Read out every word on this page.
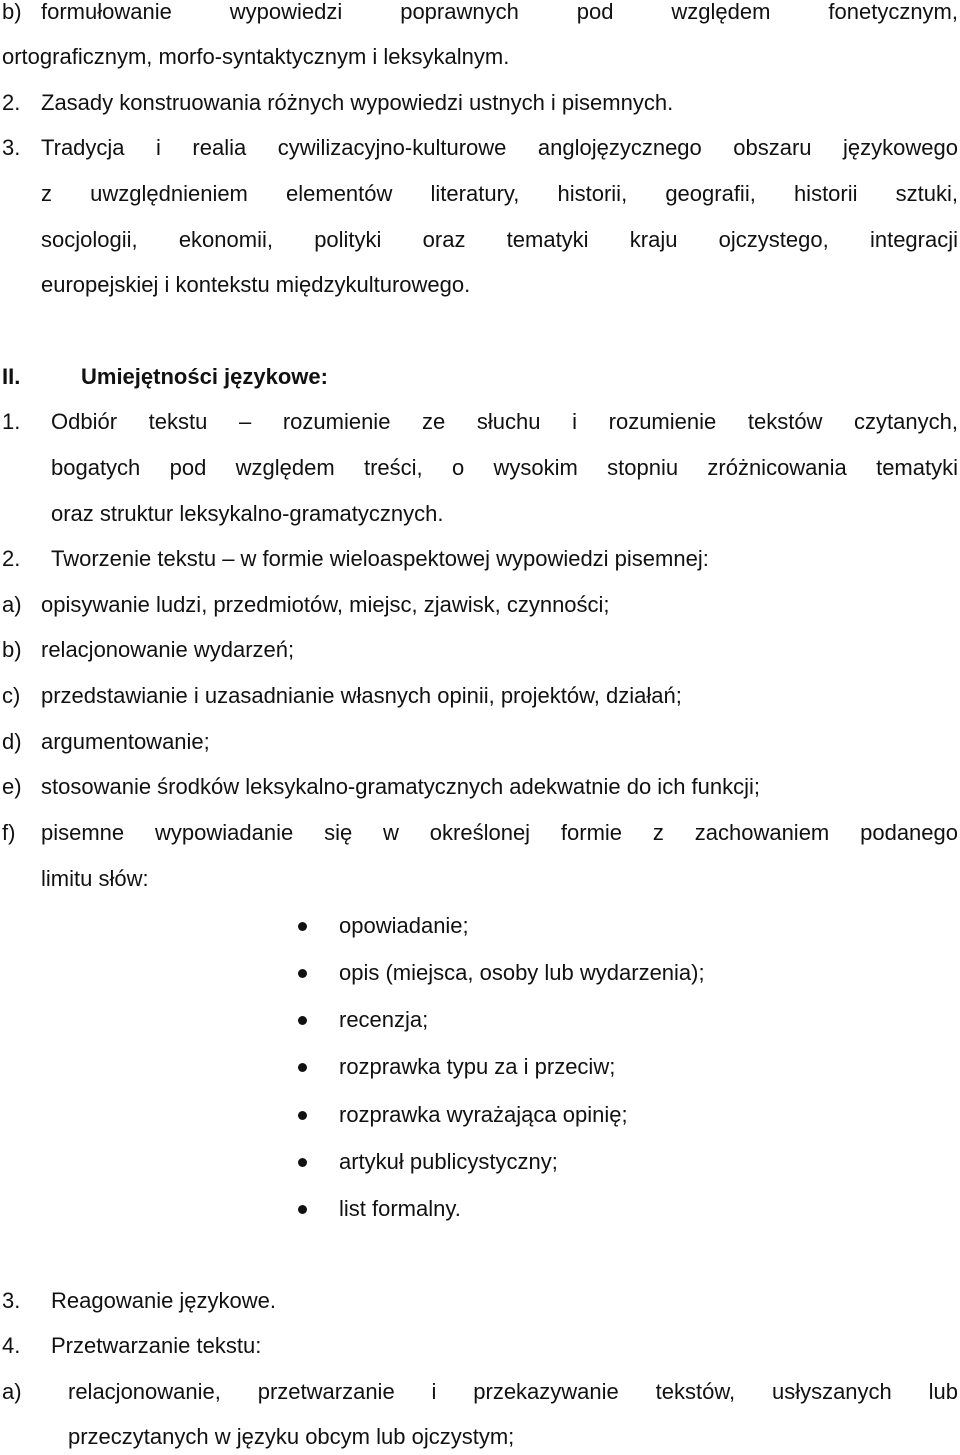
b) formułowanie wypowiedzi poprawnych pod względem fonetycznym,
ortograficznym, morfo-syntaktycznym i leksykalnym.
2. Zasady konstruowania różnych wypowiedzi ustnych i pisemnych.
3. Tradycja i realia cywilizacyjno-kulturowe anglojęzycznego obszaru językowego
z uwzględnieniem elementów literatury, historii, geografii, historii sztuki,
socjologii, ekonomii, polityki oraz tematyki kraju ojczystego, integracji
europejskiej i kontekstu międzykulturowego.
II.	Umiejętności językowe:
1. Odbiór tekstu – rozumienie ze słuchu i rozumienie tekstów czytanych,
bogatych pod względem treści, o wysokim stopniu zróżnicowania tematyki
oraz struktur leksykalno-gramatycznych.
2. Tworzenie tekstu – w formie wieloaspektowej wypowiedzi pisemnej:
a) opisywanie ludzi, przedmiotów, miejsc, zjawisk, czynności;
b) relacjonowanie wydarzeń;
c) przedstawianie i uzasadnianie własnych opinii, projektów, działań;
d) argumentowanie;
e) stosowanie środków leksykalno-gramatycznych adekwatnie do ich funkcji;
f) pisemne wypowiadanie się w określonej formie z zachowaniem podanego
limitu słów:
opowiadanie;
opis (miejsca, osoby lub wydarzenia);
recenzja;
rozprawka typu za i przeciw;
rozprawka wyrażająca opinię;
artykuł publicystyczny;
list formalny.
3. Reagowanie językowe.
4. Przetwarzanie tekstu:
a) relacjonowanie, przetwarzanie i przekazywanie tekstów, usłyszanych lub
przeczytanych w języku obcym lub ojczystym;
